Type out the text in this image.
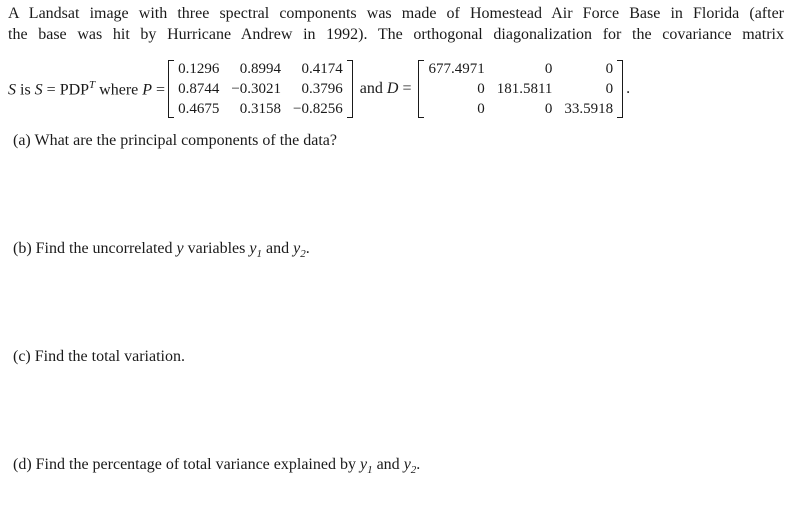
A Landsat image with three spectral components was made of Homestead Air Force Base in Florida (after
the base was hit by Hurricane Andrew in 1992). The orthogonal diagonalization for the covariance matrix
S is $S = PDP^T$ where P =
0.1296	0.8994	0.4174
0.8744	−0.3021	0.3796
0.4675	0.3158	−0.8256
and D =
677.4971	0	0
0	181.5811	0
0	0	33.5918
.
(a) What are the principal components of the data?
(b) Find the uncorrelated y variables $y_1$ and $y_2$.
(c) Find the total variation.
(d) Find the percentage of total variance explained by $y_1$ and $y_2$.
